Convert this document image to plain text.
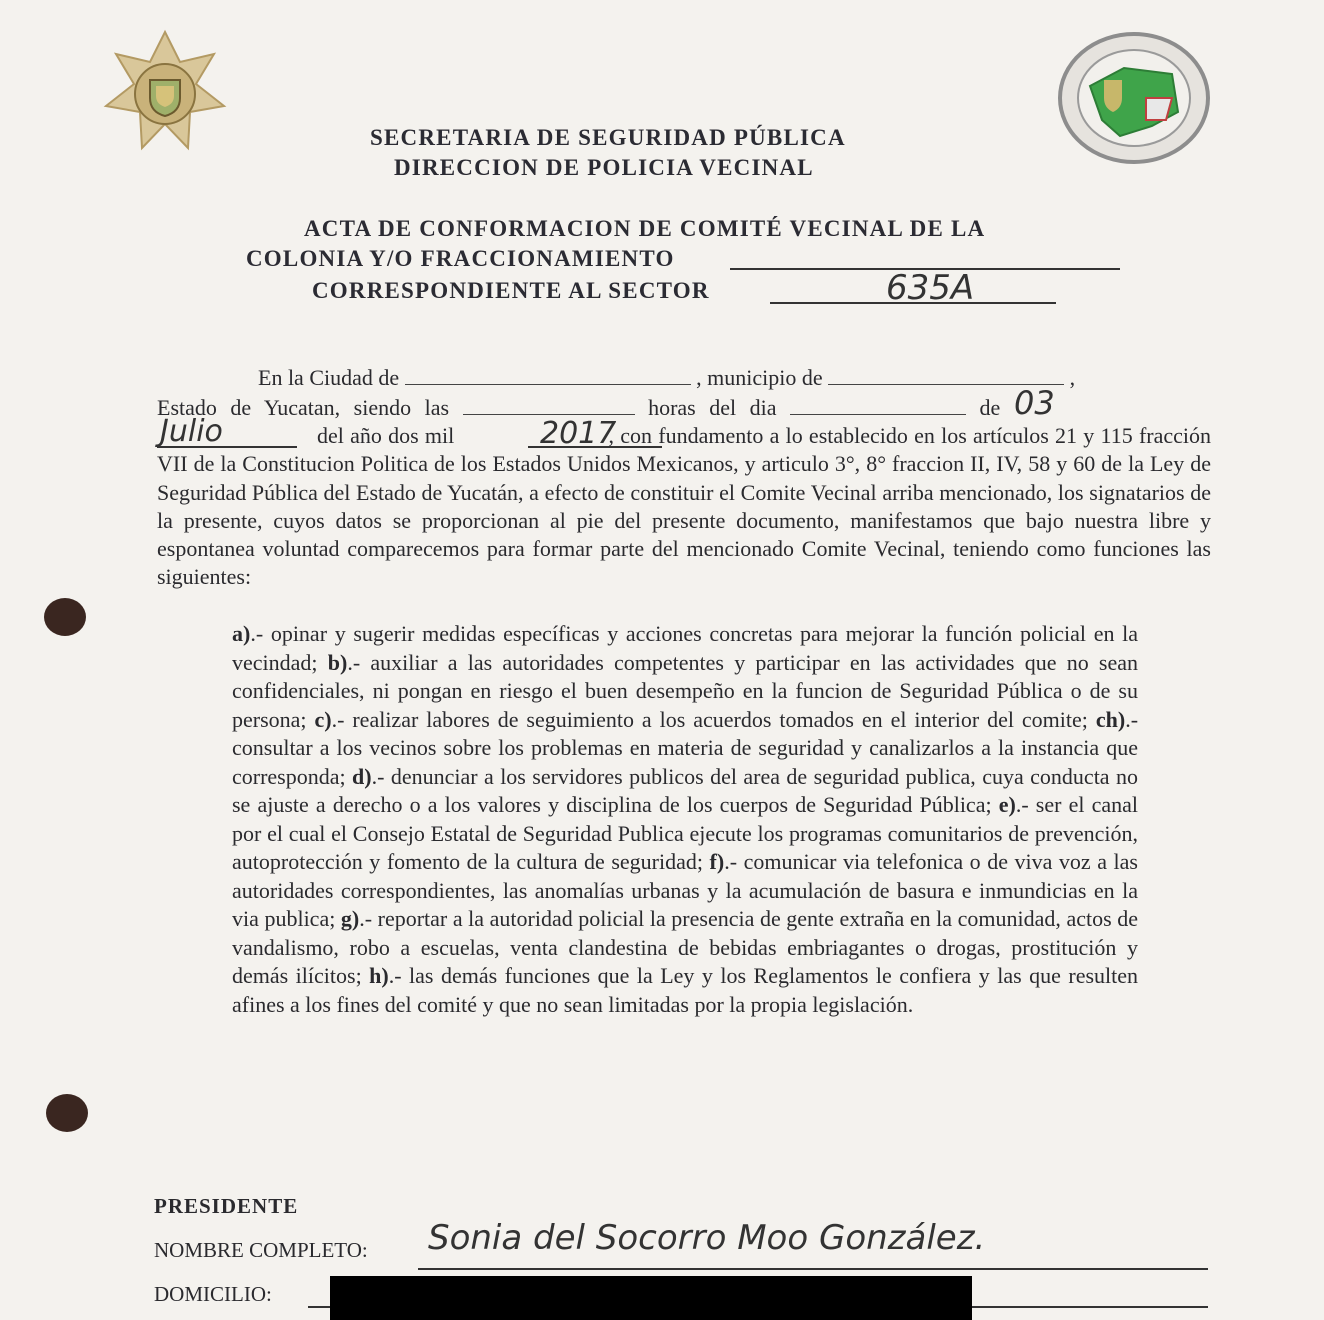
SECRETARIA DE SEGURIDAD PÚBLICA
DIRECCION DE POLICIA VECINAL
ACTA DE CONFORMACION DE COMITÉ VECINAL DE LA
COLONIA Y/O FRACCIONAMIENTO
CORRESPONDIENTE AL SECTOR	635A
En la Ciudad de	, municipio de	,
Estado de Yucatan, siendo las	horas del dia	de 03
Julio	2017
del año dos mil	, con fundamento a lo establecido en los artículos 21 y 115 fracción VII de la Constitucion Politica de los Estados Unidos Mexicanos, y articulo 3°, 8° fraccion II, IV, 58 y 60 de la Ley de Seguridad Pública del Estado de Yucatán, a efecto de constituir el Comite Vecinal arriba mencionado, los signatarios de la presente, cuyos datos se proporcionan al pie del presente documento, manifestamos que bajo nuestra libre y espontanea voluntad comparecemos para formar parte del mencionado Comite Vecinal, teniendo como funciones las siguientes:
a).- opinar y sugerir medidas específicas y acciones concretas para mejorar la función policial en la vecindad; b).- auxiliar a las autoridades competentes y participar en las actividades que no sean confidenciales, ni pongan en riesgo el buen desempeño en la funcion de Seguridad Pública o de su persona; c).- realizar labores de seguimiento a los acuerdos tomados en el interior del comite; ch).- consultar a los vecinos sobre los problemas en materia de seguridad y canalizarlos a la instancia que corresponda; d).- denunciar a los servidores publicos del area de seguridad publica, cuya conducta no se ajuste a derecho o a los valores y disciplina de los cuerpos de Seguridad Pública; e).- ser el canal por el cual el Consejo Estatal de Seguridad Publica ejecute los programas comunitarios de prevención, autoprotección y fomento de la cultura de seguridad; f).- comunicar via telefonica o de viva voz a las autoridades correspondientes, las anomalías urbanas y la acumulación de basura e inmundicias en la via publica; g).- reportar a la autoridad policial la presencia de gente extraña en la comunidad, actos de vandalismo, robo a escuelas, venta clandestina de bebidas embriagantes o drogas, prostitución y demás ilícitos; h).- las demás funciones que la Ley y los Reglamentos le confiera y las que resulten afines a los fines del comité y que no sean limitadas por la propia legislación.
PRESIDENTE
NOMBRE COMPLETO: Sonia del Socorro Moo González.
DOMICILIO:
